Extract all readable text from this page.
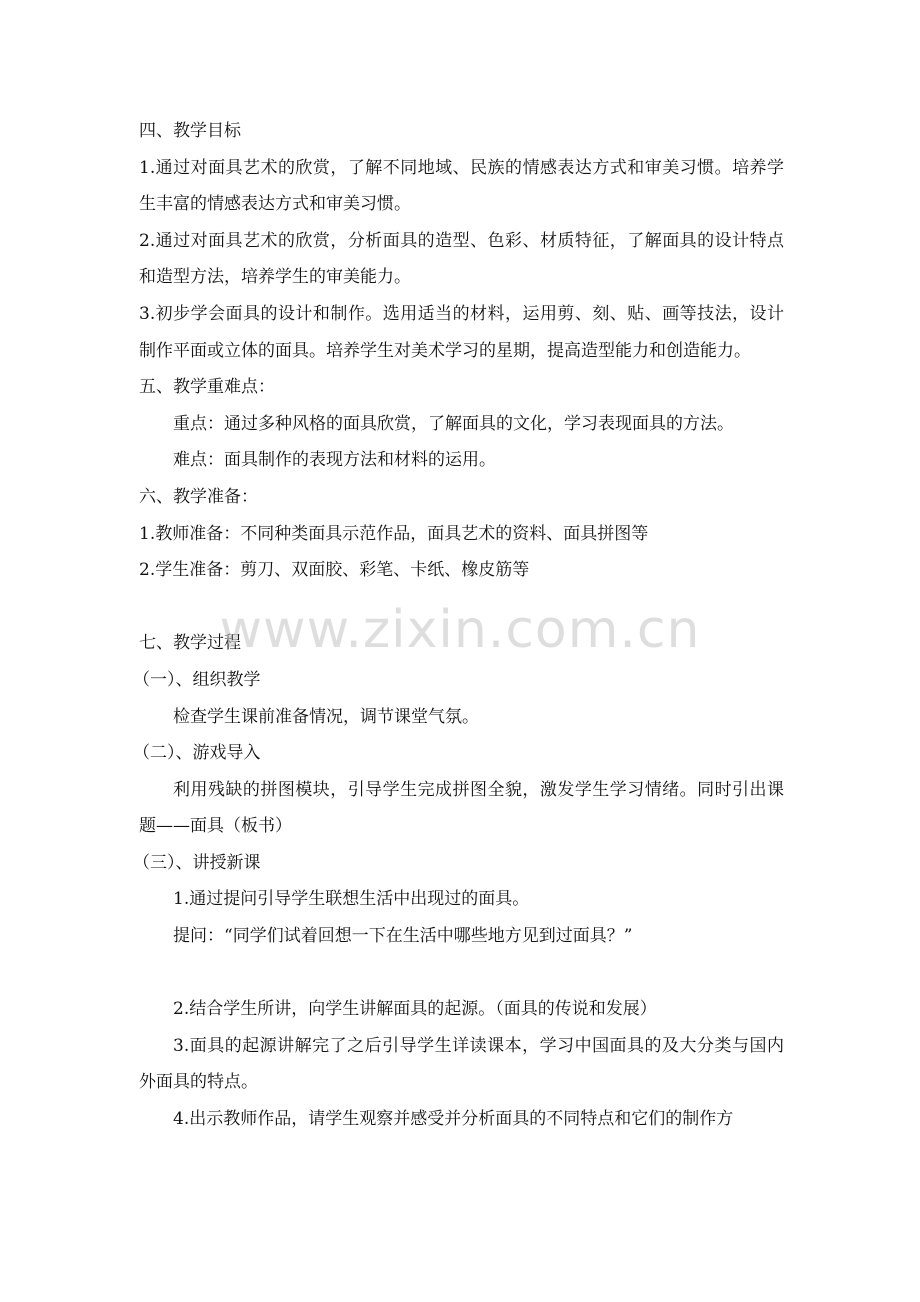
四、教学目标
1.通过对面具艺术的欣赏，了解不同地域、民族的情感表达方式和审美习惯。培养学生丰富的情感表达方式和审美习惯。
2.通过对面具艺术的欣赏，分析面具的造型、色彩、材质特征，了解面具的设计特点和造型方法，培养学生的审美能力。
3.初步学会面具的设计和制作。选用适当的材料，运用剪、刻、贴、画等技法，设计制作平面或立体的面具。培养学生对美术学习的星期，提高造型能力和创造能力。
五、教学重难点：
重点：通过多种风格的面具欣赏，了解面具的文化，学习表现面具的方法。
难点：面具制作的表现方法和材料的运用。
六、教学准备：
1.教师准备：不同种类面具示范作品，面具艺术的资料、面具拼图等
2.学生准备：剪刀、双面胶、彩笔、卡纸、橡皮筋等
七、教学过程
（一）、组织教学
检查学生课前准备情况，调节课堂气氛。
（二）、游戏导入
利用残缺的拼图模块，引导学生完成拼图全貌，激发学生学习情绪。同时引出课题——面具（板书）
（三）、讲授新课
1.通过提问引导学生联想生活中出现过的面具。
提问：“同学们试着回想一下在生活中哪些地方见到过面具？”
2.结合学生所讲，向学生讲解面具的起源。（面具的传说和发展）
3.面具的起源讲解完了之后引导学生详读课本，学习中国面具的及大分类与国内外面具的特点。
4.出示教师作品，请学生观察并感受并分析面具的不同特点和它们的制作方
www.zixin.com.cn
